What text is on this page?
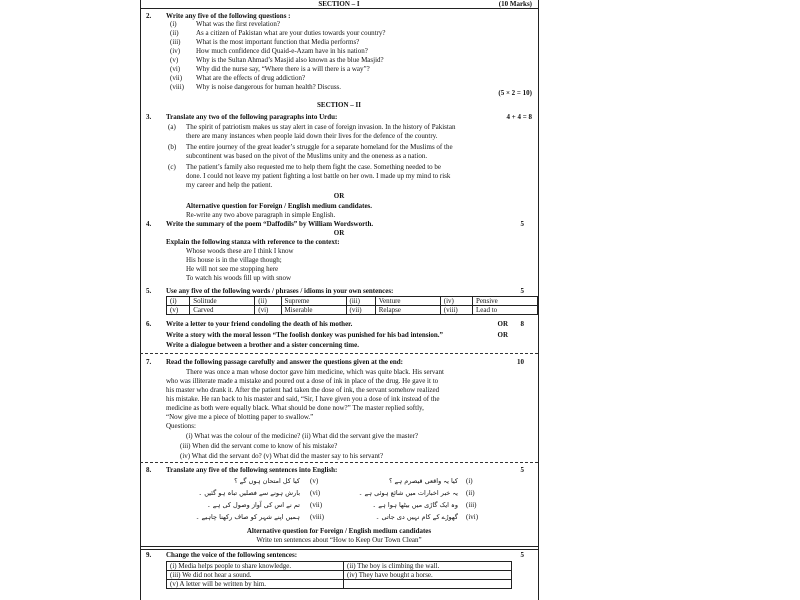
SECTION – I	(10 Marks)
2. Write any five of the following questions :
(i)	What was the first revelation?
(ii) As a citizen of Pakistan what are your duties towards your country?
(iii) What is the most important function that Media performs?
(iv) How much confidence did Quaid-e-Azam have in his nation?
(v)	Why is the Sultan Ahmad’s Masjid also known as the blue Masjid?
(vi) Why did the nurse say, “Where there is a will there is a way”?
(vii) What are the effects of drug addiction?
(viii) Why is noise dangerous for human health? Discuss.
(5 × 2 = 10)
SECTION – II
3. Translate any two of the following paragraphs into Urdu:	4 + 4 = 8
(a) The spirit of patriotism makes us stay alert in case of foreign invasion. In the history of Pakistan
there are many instances when people laid down their lives for the defence of the country.
(b) The entire journey of the great leader’s struggle for a separate homeland for the Muslims of the
subcontinent was based on the pivot of the Muslims unity and the oneness as a nation.
(c) The patient’s family also requested me to help them fight the case. Something needed to be
done. I could not leave my patient fighting a lost battle on her own. I made up my mind to risk
my career and help the patient.
OR
Alternative question for Foreign / English medium candidates.
Re-write any two above paragraph in simple English.
4. Write the summary of the poem “Daffodils” by William Wordsworth.	5
OR
Explain the following stanza with reference to the context:
Whose woods these are I think I know
His house is in the village though;
He will not see me stopping here
To watch his woods fill up with snow
5. Use any five of the following words / phrases / idioms in your own sentences:	5
(i)	Solitude	(ii)	Supreme	(iii)	Venture	(iv)	Pensive
(v)	Carved	(vi)	Miserable	(vii)	Relapse	(viii)	Lead to
6. Write a letter to your friend condoling the death of his mother.	OR 8
Write a story with the moral lesson “The foolish donkey was punished for his bad intension.”	OR
Write a dialogue between a brother and a sister concerning time.
7. Read the following passage carefully and answer the questions given at the end:	10
There was once a man whose doctor gave him medicine, which was quite black. His servant
who was illiterate made a mistake and poured out a dose of ink in place of the drug. He gave it to
his master who drank it. After the patient had taken the dose of ink, the servant somehow realized
his mistake. He ran back to his master and said, “Sir, I have given you a dose of ink instead of the
medicine as both were equally black. What should be done now?” The master replied softly,
“Now give me a piece of blotting paper to swallow.”
Questions:
(i) What was the colour of the medicine? (ii) What did the servant give the master?
(iii) When did the servant come to know of his mistake?
(iv) What did the servant do? (v) What did the master say to his servant?
8. Translate any five of the following sentences into English:	5
(i)
کیا یہ واقعی قیصرم ہے ؟
(v)
کیا کل امتحان ہوں گے ؟
(ii)
یہ خبر اخبارات میں شائع ہوئی ہے ۔
(vi)
بارش ہونے سے فصلیں تباہ ہو گئیں ۔
(iii)
وہ ایک گاڑی میں بیٹھا ہوا ہے ۔
(vii)
تم نے اس کی آواز وصول کی ہے ۔
(ivi)
گھوڑے کے کام نہیں دی جاتی ۔
(viii)
ہمیں اپنے شہر کو صاف رکھنا چاہیے ۔
Alternative question for Foreign / English medium candidates
Write ten sentences about “How to Keep Our Town Clean”
9. Change the voice of the following sentences:	5
(i) Media helps people to share knowledge.	(ii) The boy is climbing the wall.
(iii) We did not hear a sound.	(iv) They have bought a horse.
(v) A letter will be written by him.	
